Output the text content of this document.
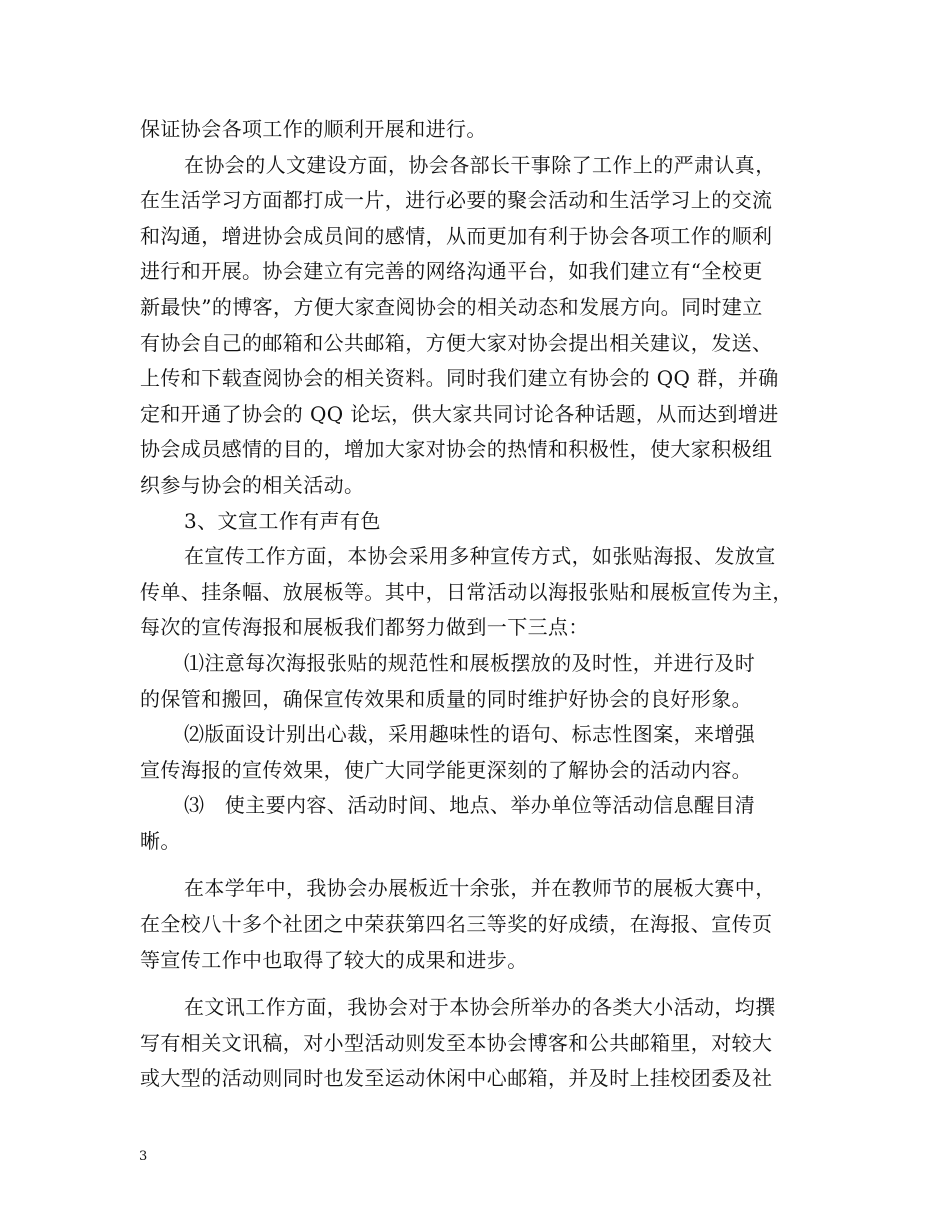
保证协会各项工作的顺利开展和进行。
在协会的人文建设方面，协会各部长干事除了工作上的严肃认真，
在生活学习方面都打成一片，进行必要的聚会活动和生活学习上的交流
和沟通，增进协会成员间的感情，从而更加有利于协会各项工作的顺利
进行和开展。协会建立有完善的网络沟通平台，如我们建立有“全校更
新最快”的博客，方便大家查阅协会的相关动态和发展方向。同时建立
有协会自己的邮箱和公共邮箱，方便大家对协会提出相关建议，发送、
上传和下载查阅协会的相关资料。同时我们建立有协会的 QQ 群，并确
定和开通了协会的 QQ 论坛，供大家共同讨论各种话题，从而达到增进
协会成员感情的目的，增加大家对协会的热情和积极性，使大家积极组
织参与协会的相关活动。
3、文宣工作有声有色
在宣传工作方面，本协会采用多种宣传方式，如张贴海报、发放宣
传单、挂条幅、放展板等。其中，日常活动以海报张贴和展板宣传为主，
每次的宣传海报和展板我们都努力做到一下三点：
⑴注意每次海报张贴的规范性和展板摆放的及时性，并进行及时
的保管和搬回，确保宣传效果和质量的同时维护好协会的良好形象。
⑵版面设计别出心裁，采用趣味性的语句、标志性图案，来增强
宣传海报的宣传效果，使广大同学能更深刻的了解协会的活动内容。
⑶　使主要内容、活动时间、地点、举办单位等活动信息醒目清
晰。
在本学年中，我协会办展板近十余张，并在教师节的展板大赛中，
在全校八十多个社团之中荣获第四名三等奖的好成绩，在海报、宣传页
等宣传工作中也取得了较大的成果和进步。
在文讯工作方面，我协会对于本协会所举办的各类大小活动，均撰
写有相关文讯稿，对小型活动则发至本协会博客和公共邮箱里，对较大
或大型的活动则同时也发至运动休闲中心邮箱，并及时上挂校团委及社
3
